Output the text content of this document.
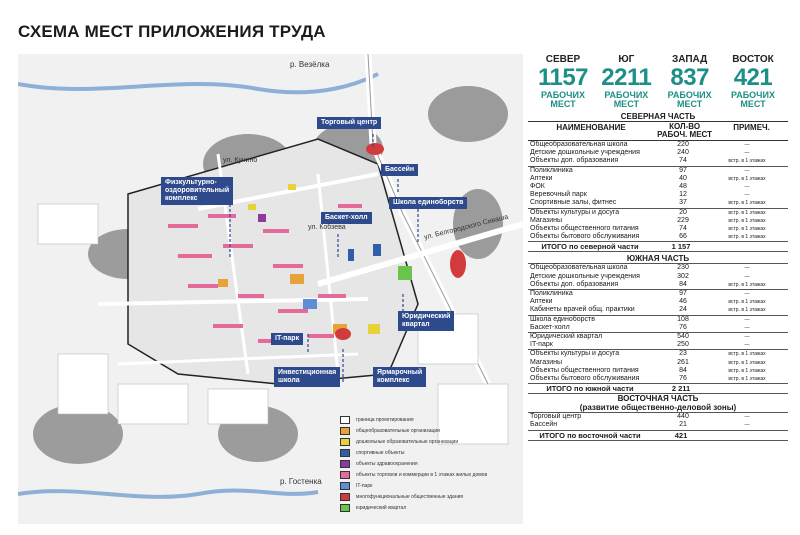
СХЕМА МЕСТ ПРИЛОЖЕНИЯ ТРУДА
Торговый центр
Бассейн
Физкультурно-
оздоровительный
комплекс
Баскет-холл
Школа единоборств
Юридический
квартал
IT-парк
Инвестиционная
школа
Ярмарочный
комплекс
р. Везёлка
р. Гостенка
ул. Кучино
ул. Кобзева	ул. Белгородского Сиваша
граница проектирования
общеобразовательные организации
дошкольные образовательные организации
спортивные объекты
объекты здравоохранения
объекты торговли и коммерции в 1 этажах жилых домов
IT-парк
многофункциональные общественные здания
юридический квартал
СЕВЕР
1157
РАБОЧИХ МЕСТ
ЮГ
2211
РАБОЧИХ МЕСТ
ЗАПАД
837
РАБОЧИХ МЕСТ
ВОСТОК
421
РАБОЧИХ МЕСТ
СЕВЕРНАЯ ЧАСТЬ
НАИМЕНОВАНИЕ	КОЛ-ВО РАБОЧ. МЕСТ
ПРИМЕЧ.
Общеобразовательная школа	220	—
Детские дошкольные учреждения	240	—
Объекты доп. образования	74	встр. в 1 этажах
Поликлиника	97	—
Аптеки	40	встр. в 1 этажах
ФОК	48	—
Веревочный парк	12	—
Спортивные залы, фитнес	37	встр. в 1 этажах
Объекты культуры и досуга	20	встр. в 1 этажах
Магазины	229	встр. в 1 этажах
Объекты общественного питания	74	встр. в 1 этажах
Объекты бытового обслуживания	66	встр. в 1 этажах
ИТОГО по северной части	1 157
ЮЖНАЯ ЧАСТЬ
Общеобразовательная школа	230	—
Детские дошкольные учреждения	302	—
Объекты доп. образования	84	встр. в 1 этажах
Поликлиника	97	—
Аптеки	46	встр. в 1 этажах
Кабинеты врачей общ. практики	24	встр. в 1 этажах
Школа единоборств	108	—
Баскет-холл	76	—
Юридический квартал	540	—
IT-парк	250	—
Объекты культуры и досуга	23	встр. в 1 этажах
Магазины	261	встр. в 1 этажах
Объекты общественного питания	84	встр. в 1 этажах
Объекты бытового обслуживания	76	встр. в 1 этажах
ИТОГО по южной части	2 211
ВОСТОЧНАЯ ЧАСТЬ
(развитие общественно-деловой зоны)
Торговый центр	440	—
Бассейн	21	—
ИТОГО по восточной части	421
